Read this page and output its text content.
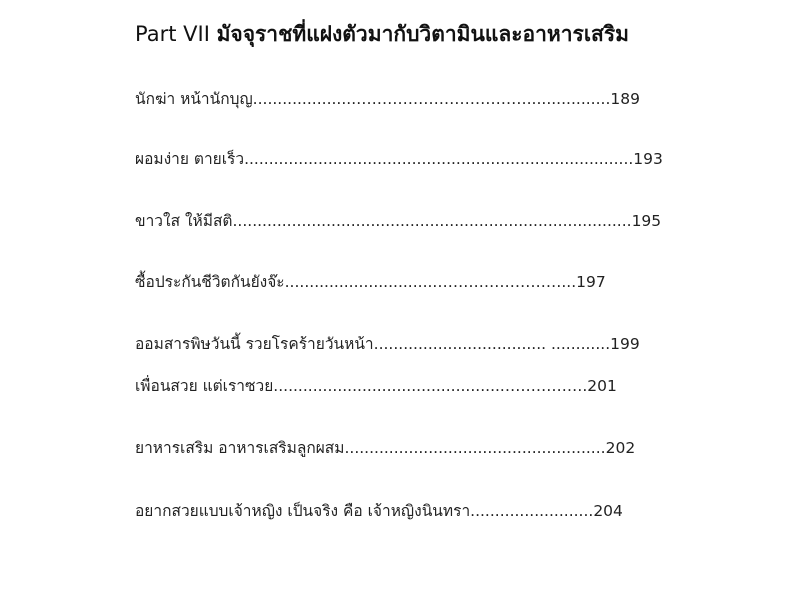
Part VII มัจจุราชที่แฝงตัวมากับวิตามินและอาหารเสริม
นักฆ่า หน้านักบุญ.....................…………………………….................189
ผอมง่าย ตายเร็ว...............................................................................193
ขาวใส ให้มีสติ.................................................................................195
ซื้อประกันชีวิตกันยังจ๊ะ...............................……………………...197
ออมสารพิษวันนี้ รวยโรคร้ายวันหน้า................................... ............199
เพื่อนสวย แต่เราซวย...............................................…………….201
ยาหารเสริม อาหารเสริมลูกผสม.....................................................202
อยากสวยแบบเจ้าหญิง เป็นจริง คือ เจ้าหญิงนินทรา.........................204
